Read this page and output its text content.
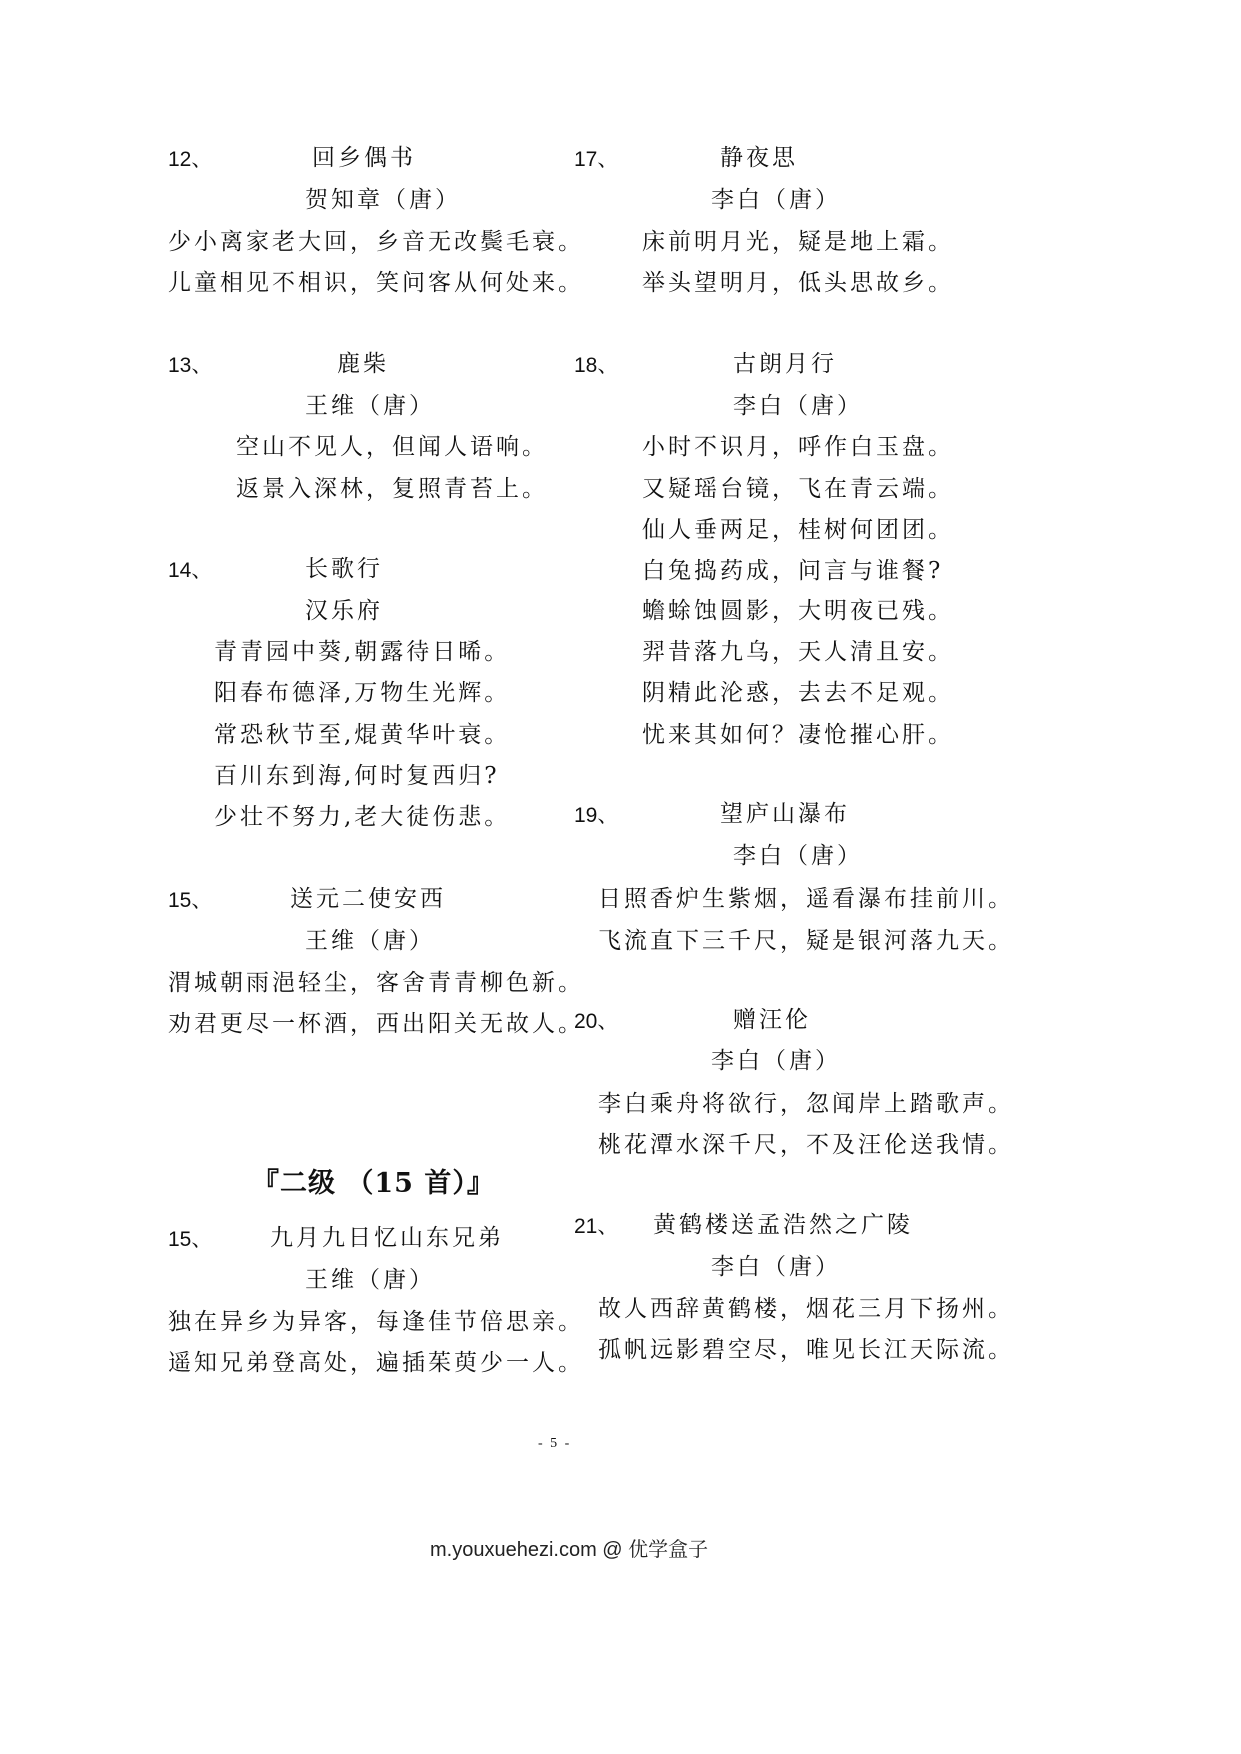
12、	回乡偶书
贺知章（唐）
少小离家老大回，乡音无改鬓毛衰。
儿童相见不相识，笑问客从何处来。
13、	鹿柴
王维（唐）
空山不见人，但闻人语响。
返景入深林，复照青苔上。
14、	长歌行
汉乐府
青青园中葵,朝露待日晞。
阳春布德泽,万物生光辉。
常恐秋节至,焜黄华叶衰。
百川东到海,何时复西归?
少壮不努力,老大徒伤悲。
15、	送元二使安西
王维（唐）
渭城朝雨浥轻尘，客舍青青柳色新。
劝君更尽一杯酒，西出阳关无故人。
『二级 （15 首）』
15、	九月九日忆山东兄弟
王维（唐）
独在异乡为异客，每逢佳节倍思亲。
遥知兄弟登高处，遍插茱萸少一人。
17、	静夜思
李白（唐）
床前明月光，疑是地上霜。
举头望明月，低头思故乡。
18、	古朗月行
李白（唐）
小时不识月，呼作白玉盘。
又疑瑶台镜，飞在青云端。
仙人垂两足，桂树何团团。
白兔捣药成，问言与谁餐?
蟾蜍蚀圆影，大明夜已残。
羿昔落九乌，天人清且安。
阴精此沦惑，去去不足观。
忧来其如何？凄怆摧心肝。
19、	望庐山瀑布
李白（唐）
日照香炉生紫烟，遥看瀑布挂前川。
飞流直下三千尺，疑是银河落九天。
20、	赠汪伦
李白（唐）
李白乘舟将欲行，忽闻岸上踏歌声。
桃花潭水深千尺，不及汪伦送我情。
21、 黄鹤楼送孟浩然之广陵
李白（唐）
故人西辞黄鹤楼，烟花三月下扬州。
孤帆远影碧空尽，唯见长江天际流。
- 5 -
m.youxuehezi.com @ 优学盒子
